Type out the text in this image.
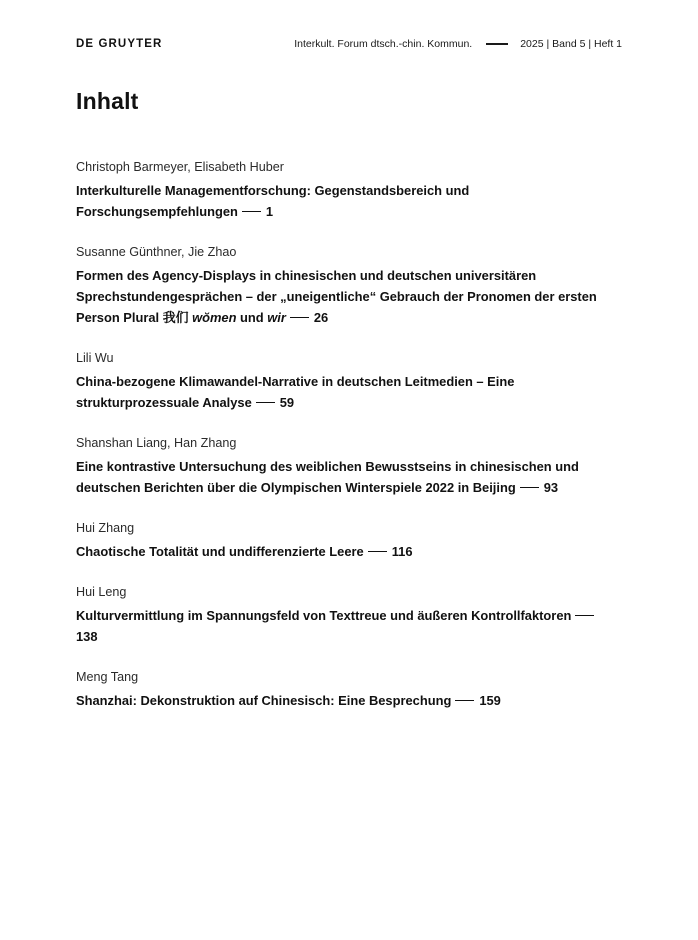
DE GRUYTER	Interkult. Forum dtsch.-chin. Kommun.	2025 | Band 5 | Heft 1
Inhalt
Christoph Barmeyer, Elisabeth Huber
Interkulturelle Managementforschung: Gegenstandsbereich und Forschungsempfehlungen 1
Susanne Günthner, Jie Zhao
Formen des Agency-Displays in chinesischen und deutschen universitären Sprechstundengesprächen – der „uneigentliche“ Gebrauch der Pronomen der ersten Person Plural 我们 wŏmen und wir 26
Lili Wu
China-bezogene Klimawandel-Narrative in deutschen Leitmedien – Eine strukturprozessuale Analyse 59
Shanshan Liang, Han Zhang
Eine kontrastive Untersuchung des weiblichen Bewusstseins in chinesischen und deutschen Berichten über die Olympischen Winterspiele 2022 in Beijing 93
Hui Zhang
Chaotische Totalität und undifferenzierte Leere 116
Hui Leng
Kulturvermittlung im Spannungsfeld von Texttreue und äußeren Kontrollfaktoren138
Meng Tang
Shanzhai: Dekonstruktion auf Chinesisch: Eine Besprechung 159
